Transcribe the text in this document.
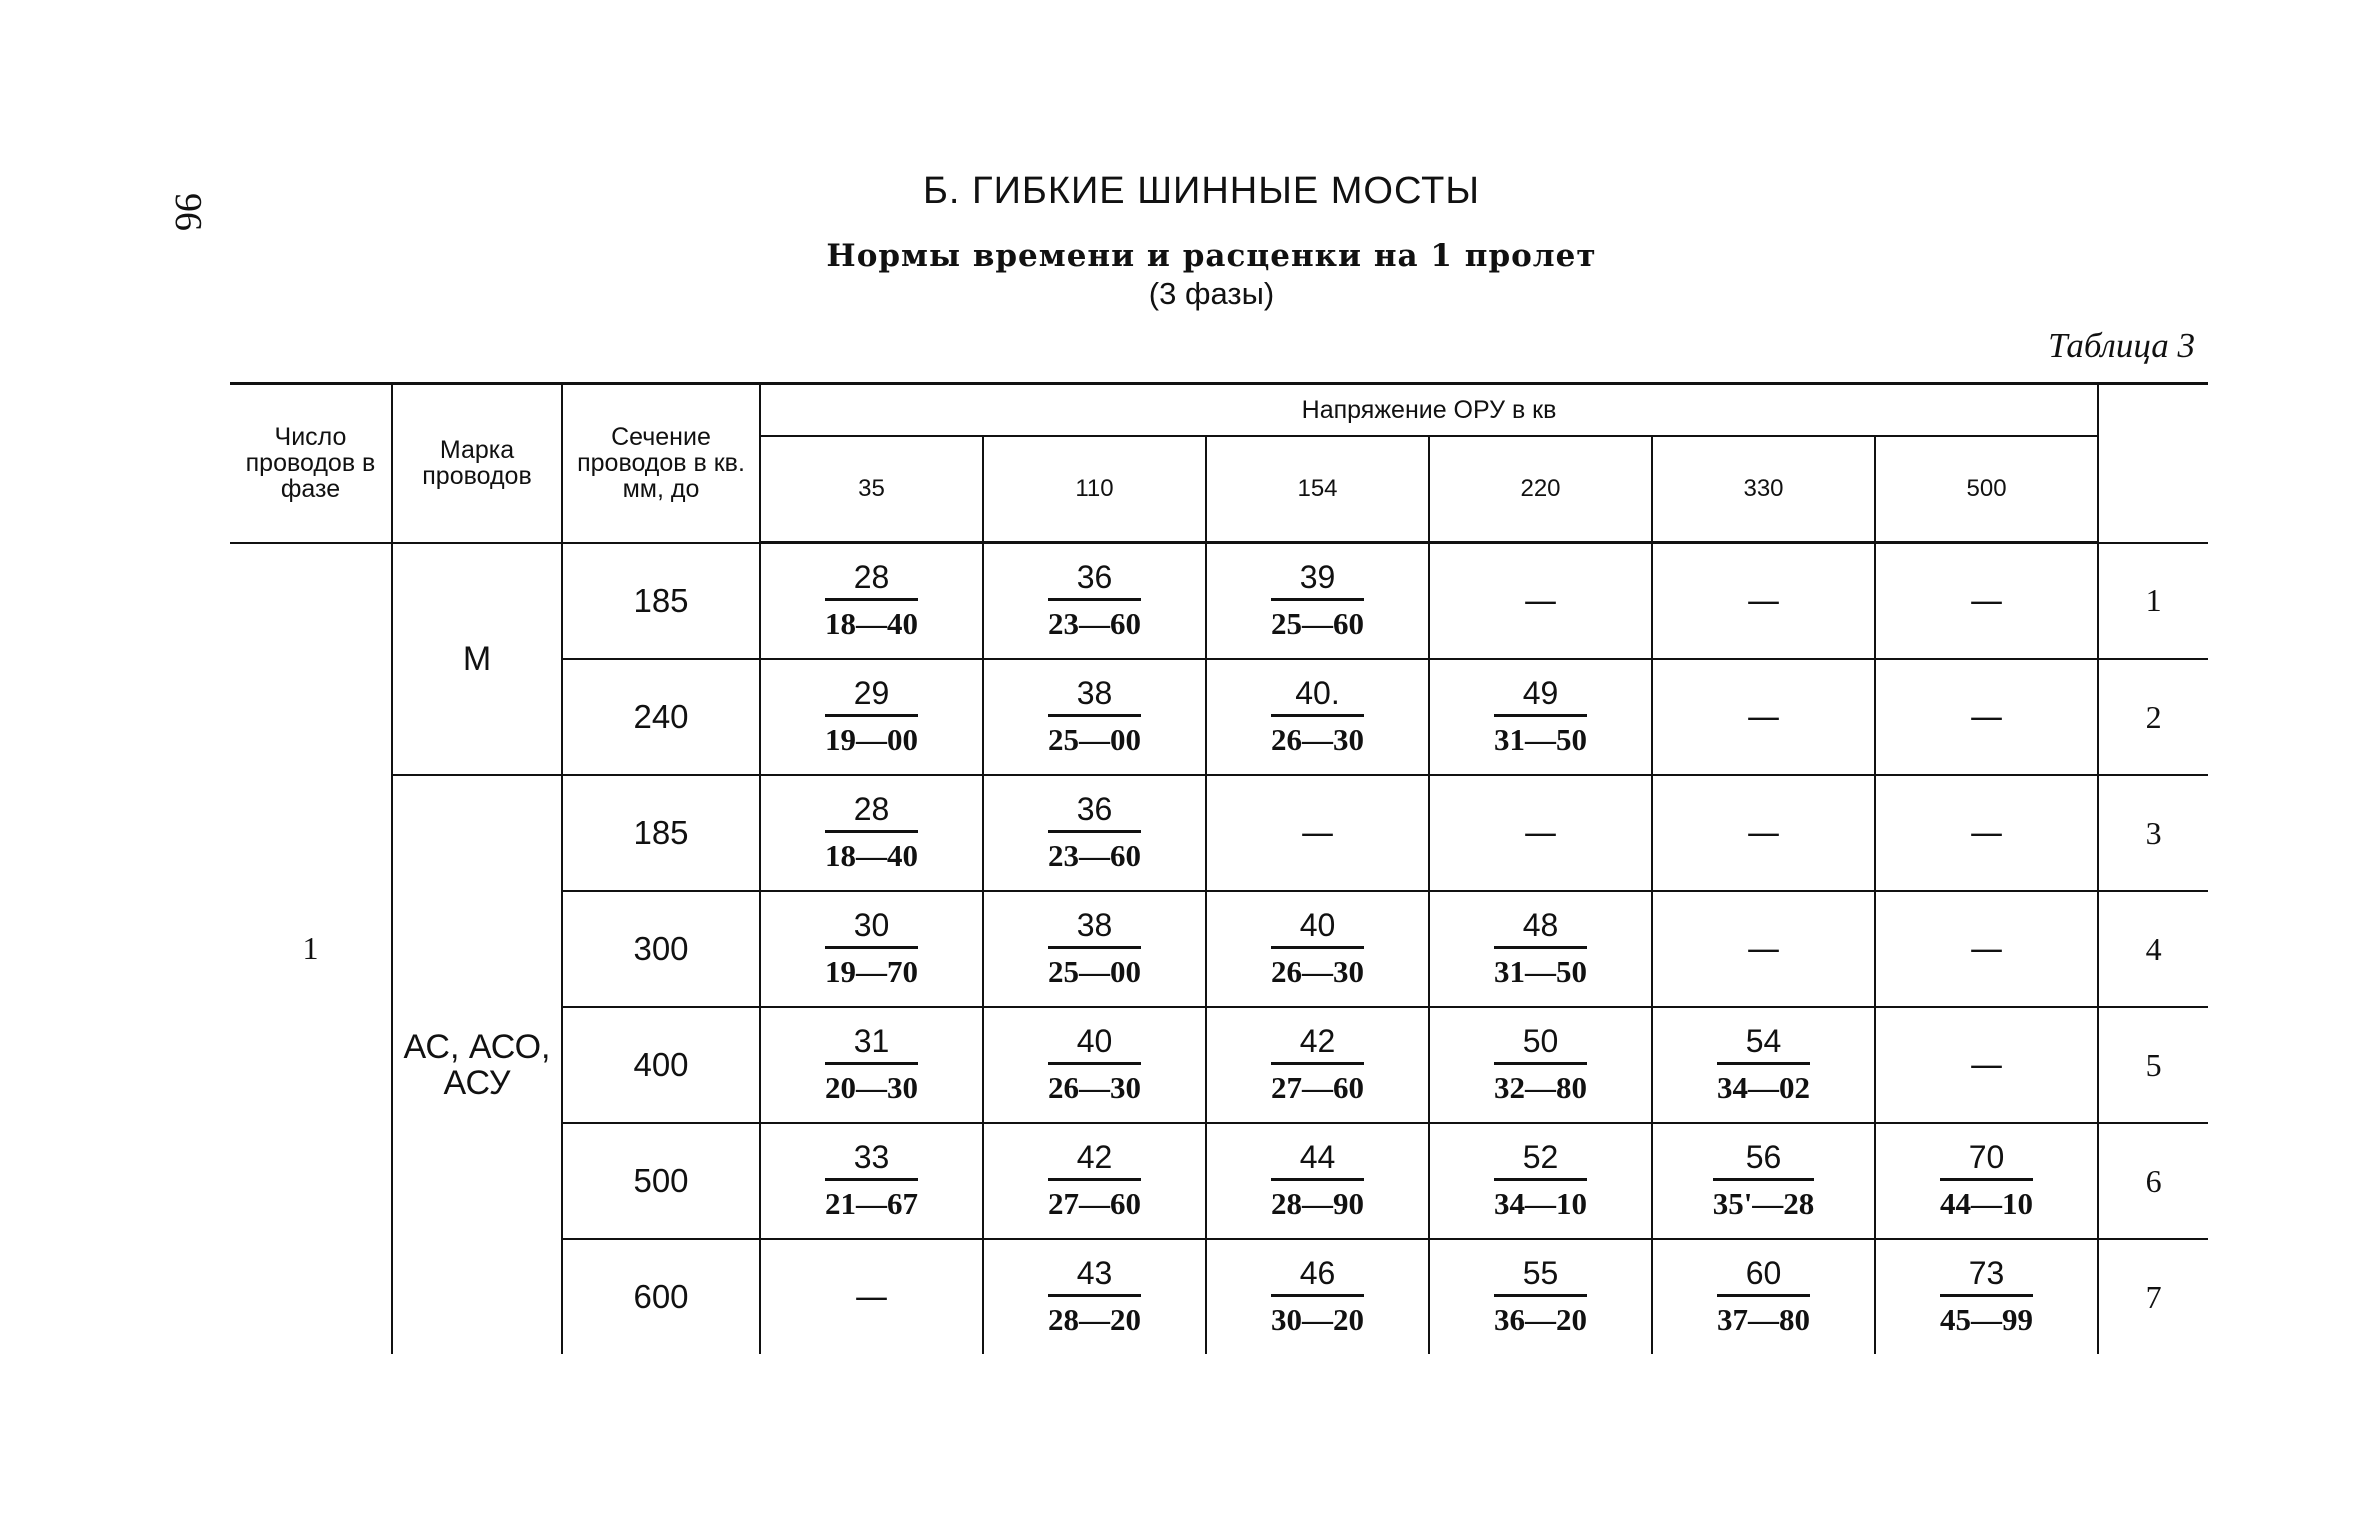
96	Б. ГИБКИЕ ШИННЫЕ МОСТЫ
Нормы времени и расценки на 1 пролет
(3 фазы)
Таблица 3
Число проводов в фазе	Марка проводов	Сечение проводов в кв. мм, до	Напряжение ОРУ в кв						
			35	110	154	220	330	500	
1	М	185	$\frac{28}{18—40}$	$\frac{36}{23—60}$	$\frac{39}{25—60}$	—	—	—	1
		240	$\frac{29}{19—00}$	$\frac{38}{25—00}$	$\frac{40.}{26—30}$	$\frac{49}{31—50}$	—	—	2
	АС, АСО, АСУ	185	$\frac{28}{18—40}$	$\frac{36}{23—60}$	—	—	—	—	3
		300	$\frac{30}{19—70}$	$\frac{38}{25—00}$	$\frac{40}{26—30}$	$\frac{48}{31—50}$	—	—	4
		400	$\frac{31}{20—30}$	$\frac{40}{26—30}$	$\frac{42}{27—60}$	$\frac{50}{32—80}$	$\frac{54}{34—02}$	—	5
		500	$\frac{33}{21—67}$	$\frac{42}{27—60}$	$\frac{44}{28—90}$	$\frac{52}{34—10}$	$\frac{56}{35'—28}$	$\frac{70}{44—10}$	6
		600	—	$\frac{43}{28—20}$	$\frac{46}{30—20}$	$\frac{55}{36—20}$	$\frac{60}{37—80}$	$\frac{73}{45—99}$	7
